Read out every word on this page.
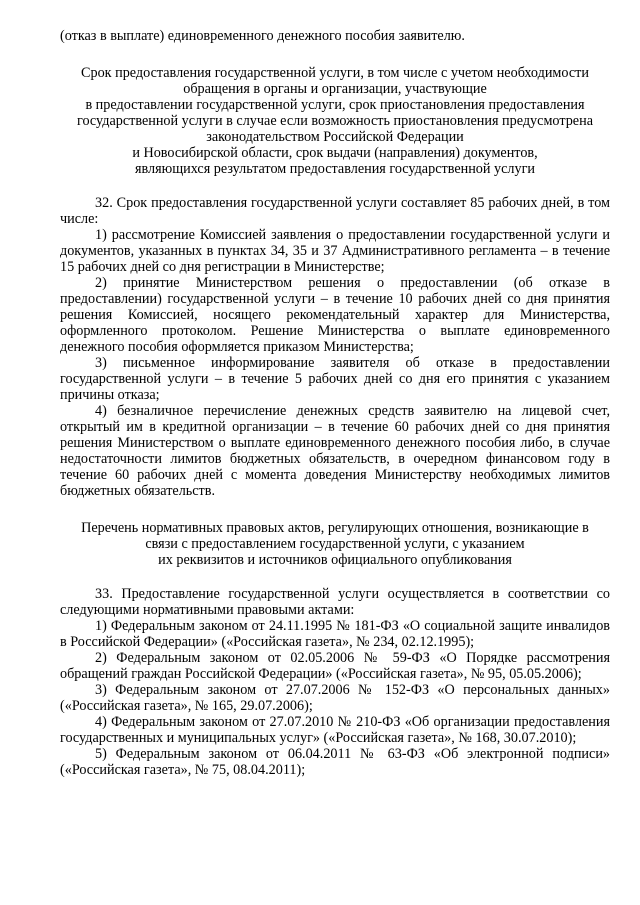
(отказ в выплате) единовременного денежного пособия заявителю.

Срок предоставления государственной услуги, в том числе с учетом необходимости
обращения в органы и организации, участвующие
в предоставлении государственной услуги, срок приостановления предоставления
государственной услуги в случае если возможность приостановления предусмотрена
законодательством Российской Федерации
и Новосибирской области, срок выдачи (направления) документов,
являющихся результатом предоставления государственной услуги

32. Срок предоставления государственной услуги составляет 85 рабочих дней, в том числе:

1) рассмотрение Комиссией заявления о предоставлении государственной услуги и документов, указанных в пунктах 34, 35 и 37 Административного регламента – в течение 15 рабочих дней со дня регистрации в Министерстве;

2) принятие Министерством решения о предоставлении (об отказе в предоставлении) государственной услуги – в течение 10 рабочих дней со дня принятия решения Комиссией, носящего рекомендательный характер для Министерства, оформленного протоколом. Решение Министерства о выплате единовременного денежного пособия оформляется приказом Министерства;

3) письменное информирование заявителя об отказе в предоставлении государственной услуги – в течение 5 рабочих дней со дня его принятия с указанием причины отказа;

4) безналичное перечисление денежных средств заявителю на лицевой счет, открытый им в кредитной организации – в течение 60 рабочих дней со дня принятия решения Министерством о выплате единовременного денежного пособия либо, в случае недостаточности лимитов бюджетных обязательств, в очередном финансовом году в течение 60 рабочих дней с момента доведения Министерству необходимых лимитов бюджетных обязательств.

Перечень нормативных правовых актов, регулирующих отношения, возникающие в
связи с предоставлением государственной услуги, с указанием
их реквизитов и источников официального опубликования

33. Предоставление государственной услуги осуществляется в соответствии со следующими нормативными правовыми актами:

1) Федеральным законом от 24.11.1995 № 181-ФЗ «О социальной защите инвалидов в Российской Федерации» («Российская газета», № 234, 02.12.1995);

2) Федеральным законом от 02.05.2006 № 59-ФЗ «О Порядке рассмотрения обращений граждан Российской Федерации» («Российская газета», № 95, 05.05.2006);

3) Федеральным законом от 27.07.2006 № 152-ФЗ «О персональных данных» («Российская газета», № 165, 29.07.2006);

4) Федеральным законом от 27.07.2010 № 210-ФЗ «Об организации предоставления государственных и муниципальных услуг» («Российская газета», № 168, 30.07.2010);

5) Федеральным законом от 06.04.2011 № 63-ФЗ «Об электронной подписи» («Российская газета», № 75, 08.04.2011);
